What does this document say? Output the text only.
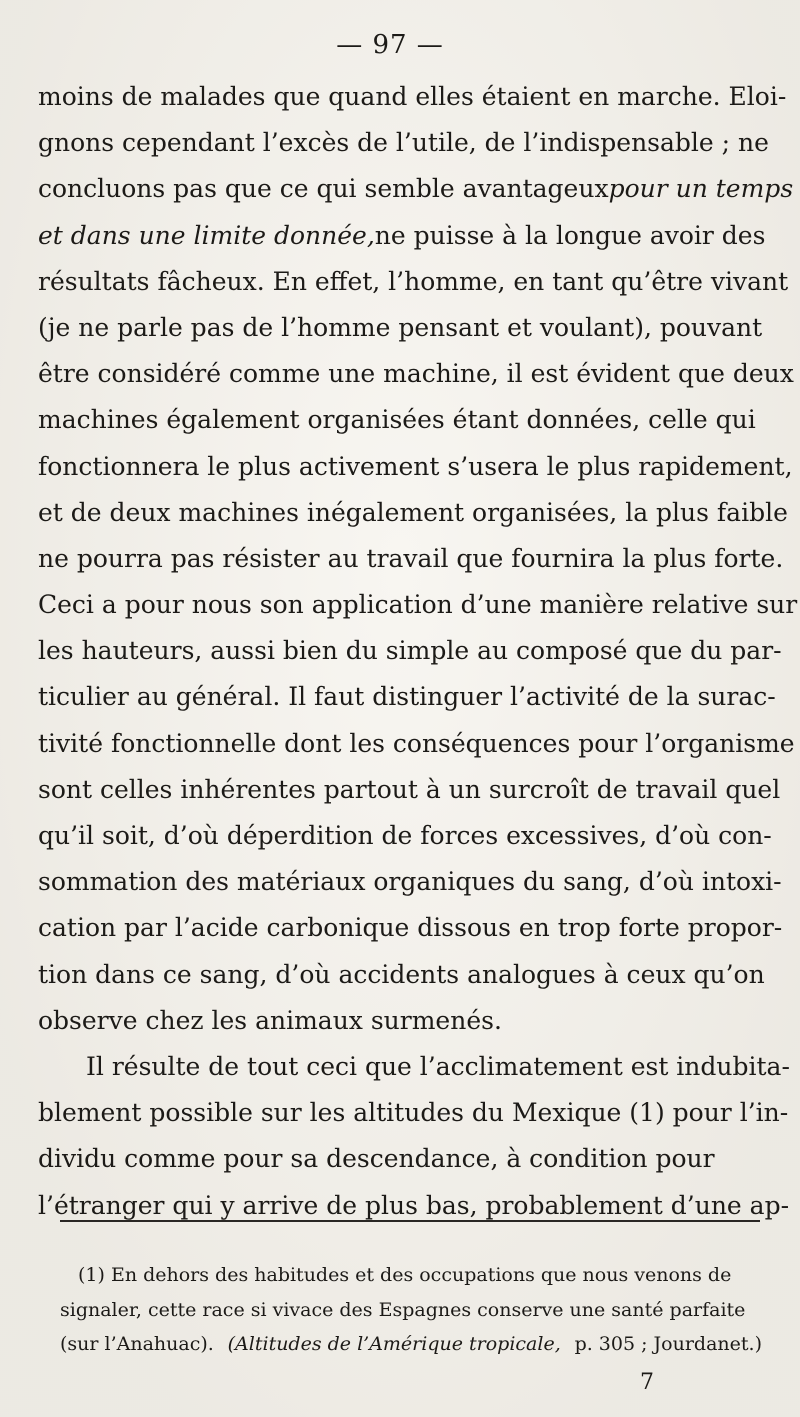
— 97 —
moins de malades que quand elles étaient en marche. Eloi-
gnons cependant l’excès de l’utile, de l’indispensable ; ne
concluons pas que ce qui semble avantageux pour un temps
et dans une limite donnée, ne puisse à la longue avoir des
résultats fâcheux. En effet, l’homme, en tant qu’être vivant
(je ne parle pas de l’homme pensant et voulant), pouvant
être considéré comme une machine, il est évident que deux
machines également organisées étant données, celle qui
fonctionnera le plus activement s’usera le plus rapidement,
et de deux machines inégalement organisées, la plus faible
ne pourra pas résister au travail que fournira la plus forte.
Ceci a pour nous son application d’une manière relative sur
les hauteurs, aussi bien du simple au composé que du par-
ticulier au général. Il faut distinguer l’activité de la surac-
tivité fonctionnelle dont les conséquences pour l’organisme
sont celles inhérentes partout à un surcroît de travail quel
qu’il soit, d’où déperdition de forces excessives, d’où con-
sommation des matériaux organiques du sang, d’où intoxi-
cation par l’acide carbonique dissous en trop forte propor-
tion dans ce sang, d’où accidents analogues à ceux qu’on
observe chez les animaux surmenés.
Il résulte de tout ceci que l’acclimatement est indubita-
blement possible sur les altitudes du Mexique (1) pour l’in-
dividu comme pour sa descendance, à condition pour
l’étranger qui y arrive de plus bas, probablement d’une ap-
(1) En dehors des habitudes et des occupations que nous venons de
signaler, cette race si vivace des Espagnes conserve une santé parfaite
(sur l’Anahuac). (Altitudes de l’Amérique tropicale, p. 305 ; Jourdanet.)
7
